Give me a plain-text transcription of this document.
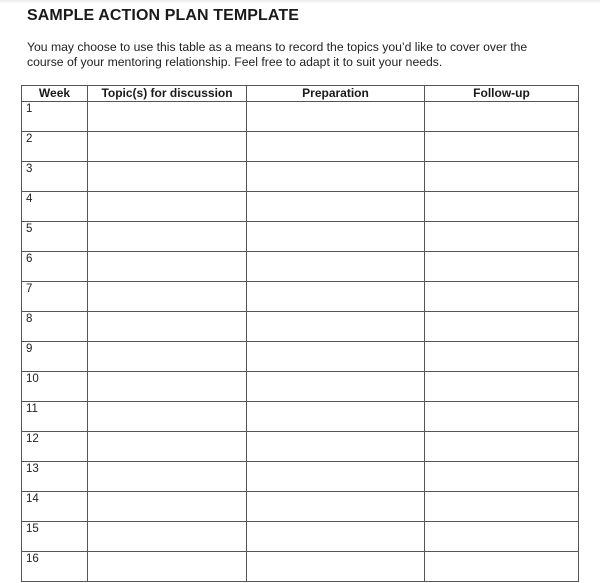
SAMPLE ACTION PLAN TEMPLATE

You may choose to use this table as a means to record the topics you’d like to cover over the

course of your mentoring relationship. Feel free to adapt it to suit your needs.

Week	Topic(s) for discussion	Preparation	Follow-up

1			

2			

3			

4			

5			

6			

7			

8			

9			

10			

11			

12			

13			

14			

15			

16			
